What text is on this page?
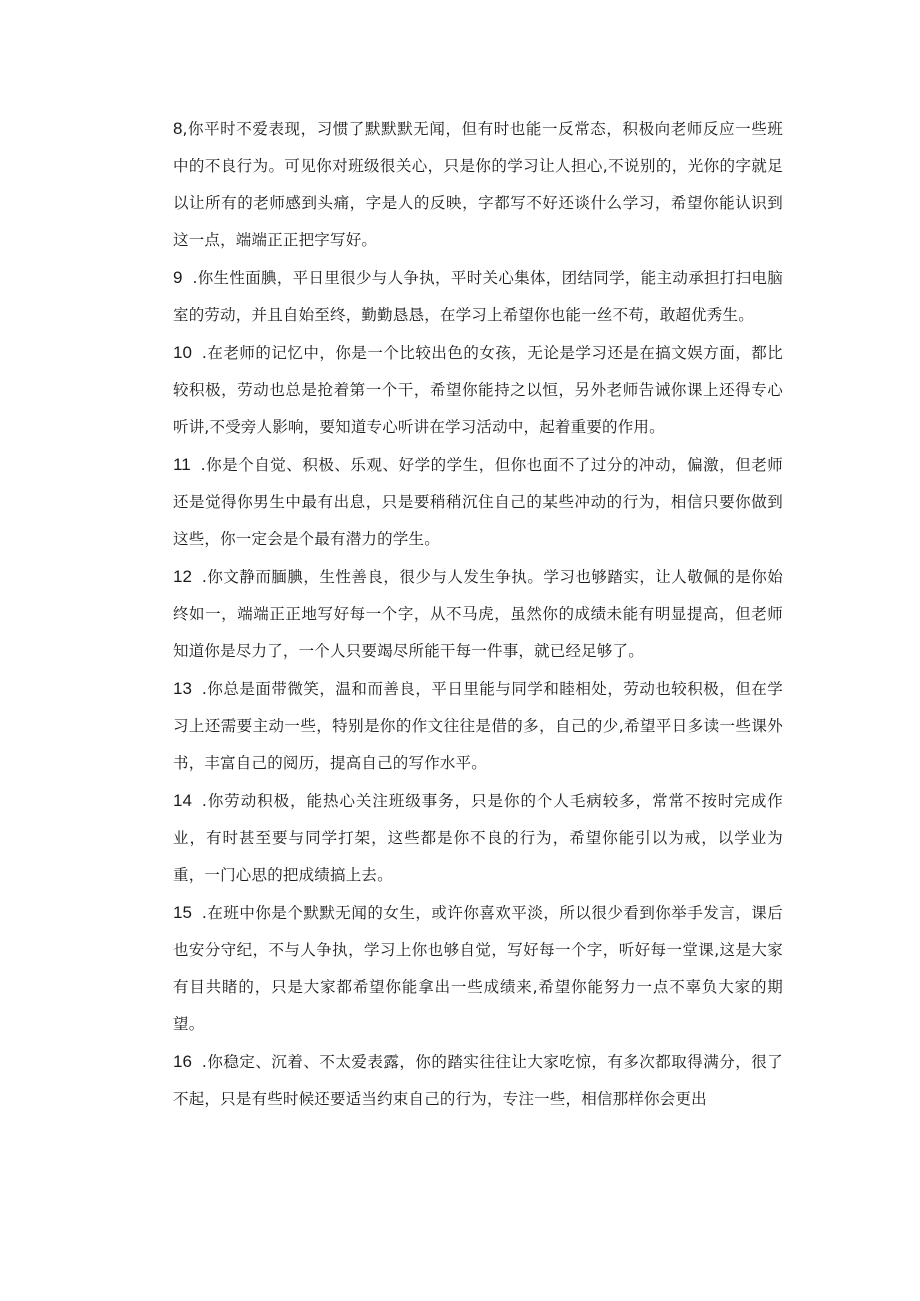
8,你平时不爱表现，习惯了默默默无闻，但有时也能一反常态，积极向老师反应一些班中的不良行为。可见你对班级很关心，只是你的学习让人担心,不说别的，光你的字就足以让所有的老师感到头痛，字是人的反映，字都写不好还谈什么学习，希望你能认识到这一点，端端正正把字写好。

9 .你生性面腆，平日里很少与人争执，平时关心集体，团结同学，能主动承担打扫电脑室的劳动，并且自始至终，勤勤恳恳，在学习上希望你也能一丝不苟，敢超优秀生。

10 .在老师的记忆中，你是一个比较出色的女孩，无论是学习还是在搞文娱方面，都比较积极，劳动也总是抢着第一个干，希望你能持之以恒，另外老师告诫你课上还得专心听讲,不受旁人影响，要知道专心听讲在学习活动中，起着重要的作用。

11 .你是个自觉、积极、乐观、好学的学生，但你也面不了过分的冲动，偏激，但老师还是觉得你男生中最有出息，只是要稍稍沉住自己的某些冲动的行为，相信只要你做到这些，你一定会是个最有潜力的学生。

12 .你文静而腼腆，生性善良，很少与人发生争执。学习也够踏实，让人敬佩的是你始终如一，端端正正地写好每一个字，从不马虎，虽然你的成绩未能有明显提高，但老师知道你是尽力了，一个人只要竭尽所能干每一件事，就已经足够了。

13 .你总是面带微笑，温和而善良，平日里能与同学和睦相处，劳动也较积极，但在学习上还需要主动一些，特别是你的作文往往是借的多，自己的少,希望平日多读一些课外书，丰富自己的阅历，提高自己的写作水平。

14 .你劳动积极，能热心关注班级事务，只是你的个人毛病较多，常常不按时完成作业，有时甚至要与同学打架，这些都是你不良的行为，希望你能引以为戒，以学业为重，一门心思的把成绩搞上去。

15 .在班中你是个默默无闻的女生，或许你喜欢平淡，所以很少看到你举手发言，课后也安分守纪，不与人争执，学习上你也够自觉，写好每一个字，听好每一堂课,这是大家有目共睹的，只是大家都希望你能拿出一些成绩来,希望你能努力一点不辜负大家的期望。

16 .你稳定、沉着、不太爱表露，你的踏实往往让大家吃惊，有多次都取得满分，很了不起，只是有些时候还要适当约束自己的行为，专注一些，相信那样你会更出
